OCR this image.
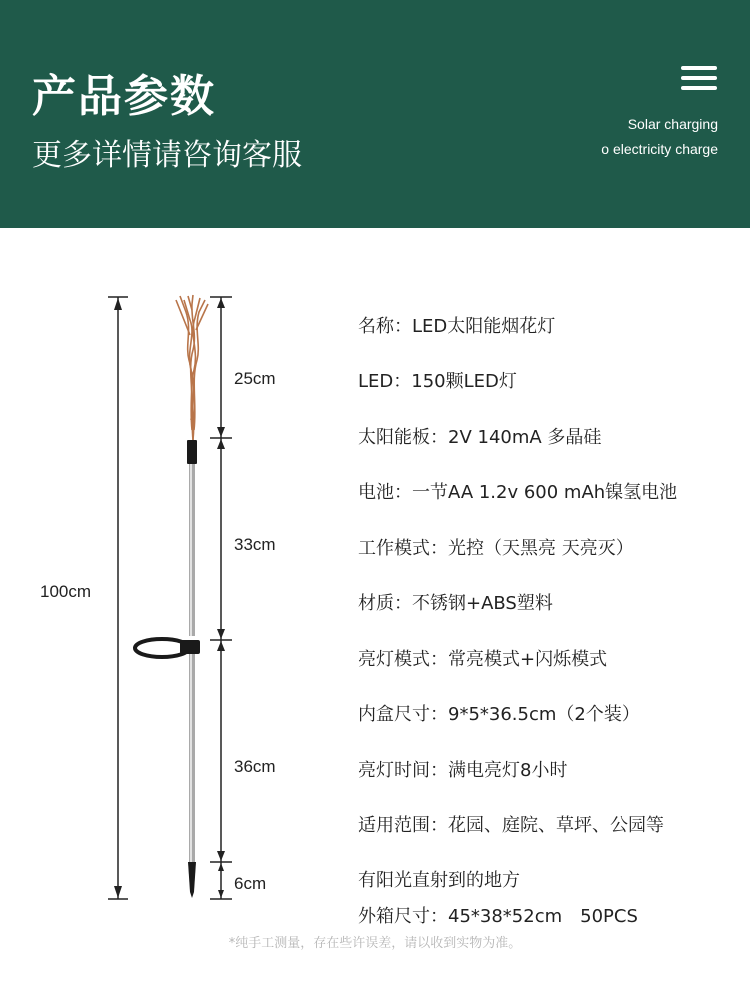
产品参数

更多详情请咨询客服

Solar charging
o electricity charge
100cm
25cm
33cm
36cm
6cm
名称：LED太阳能烟花灯
LED：150颗LED灯
太阳能板：2V 140mA 多晶硅
电池：一节AA 1.2v 600 mAh镍氢电池
工作模式：光控（天黑亮 天亮灭）
材质：不锈钢+ABS塑料
亮灯模式：常亮模式+闪烁模式
内盒尺寸：9*5*36.5cm（2个装）
亮灯时间：满电亮灯8小时
适用范围：花园、庭院、草坪、公园等
有阳光直射到的地方
外箱尺寸：45*38*52cm　50PCS
*纯手工测量，存在些许误差，请以收到实物为准。
